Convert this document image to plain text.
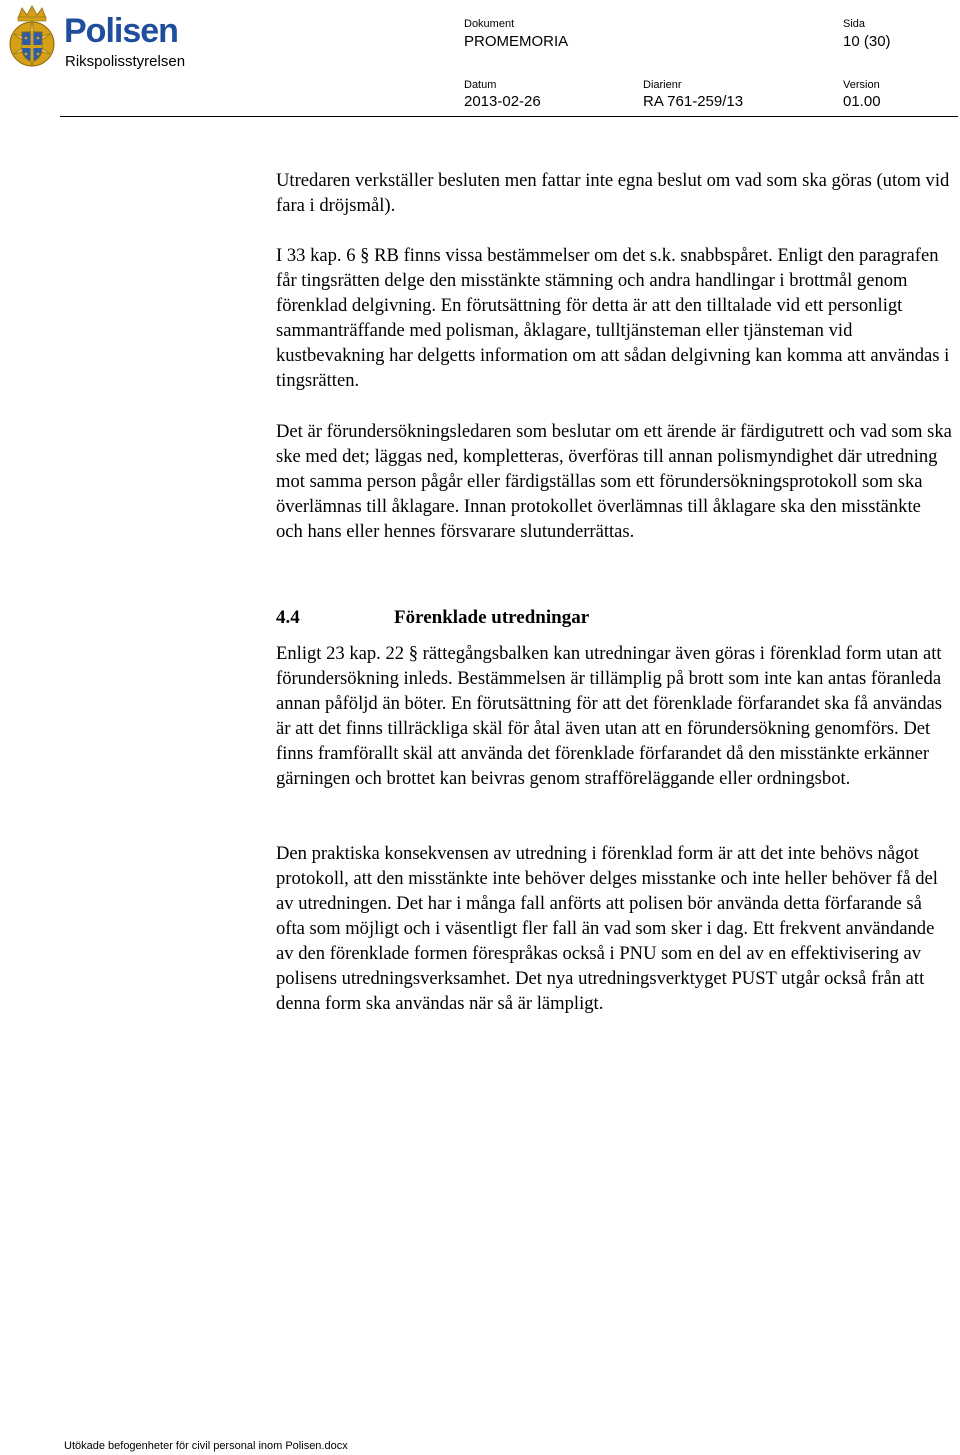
Polisen
Rikspolisstyrelsen
Dokument
PROMEMORIA
Sida
10 (30)
Datum
2013-02-26
Diarienr
RA 761-259/13
Version
01.00

Utredaren verkställer besluten men fattar inte egna beslut om vad som ska göras (utom vid fara i dröjsmål).

I 33 kap. 6 § RB finns vissa bestämmelser om det s.k. snabbspåret. Enligt den paragrafen får tingsrätten delge den misstänkte stämning och andra handlingar i brottmål genom förenklad delgivning. En förutsättning för detta är att den tilltalade vid ett personligt sammanträffande med polisman, åklagare, tulltjänsteman eller tjänsteman vid kustbevakning har delgetts information om att sådan delgivning kan komma att användas i tingsrätten.

Det är förundersökningsledaren som beslutar om ett ärende är färdigutrett och vad som ska ske med det; läggas ned, kompletteras, överföras till annan polismyndighet där utredning mot samma person pågår eller färdigställas som ett förundersökningsprotokoll som ska överlämnas till åklagare. Innan protokollet överlämnas till åklagare ska den misstänkte och hans eller hennes försvarare slutunderrättas.

4.4	Förenklade utredningar

Enligt 23 kap. 22 § rättegångsbalken kan utredningar även göras i förenklad form utan att förundersökning inleds. Bestämmelsen är tillämplig på brott som inte kan antas föranleda annan påföljd än böter. En förutsättning för att det förenklade förfarandet ska få användas är att det finns tillräckliga skäl för åtal även utan att en förundersökning genomförs. Det finns framförallt skäl att använda det förenklade förfarandet då den misstänkte erkänner gärningen och brottet kan beivras genom strafföreläggande eller ordningsbot.

Den praktiska konsekvensen av utredning i förenklad form är att det inte behövs något protokoll, att den misstänkte inte behöver delges misstanke och inte heller behöver få del av utredningen. Det har i många fall anförts att polisen bör använda detta förfarande så ofta som möjligt och i väsentligt fler fall än vad som sker i dag. Ett frekvent användande av den förenklade formen förespråkas också i PNU som en del av en effektivisering av polisens utredningsverksamhet. Det nya utredningsverktyget PUST utgår också från att denna form ska användas när så är lämpligt.

Utökade befogenheter för civil personal inom Polisen.docx
